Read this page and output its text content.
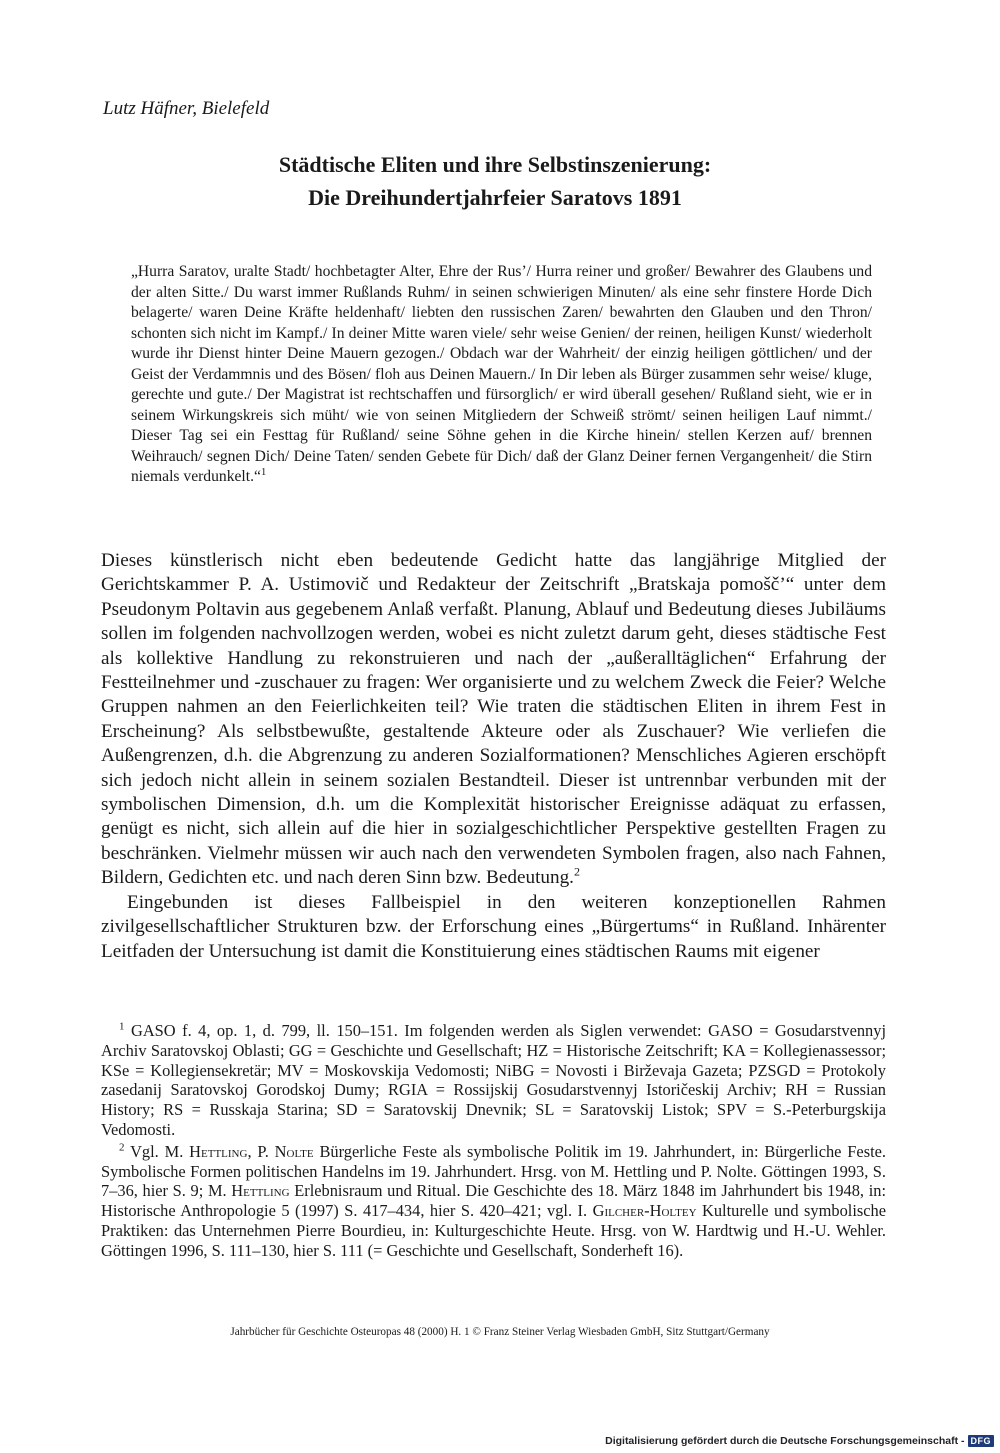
Lutz Häfner, Bielefeld
Städtische Eliten und ihre Selbstinszenierung:
Die Dreihundertjahrfeier Saratovs 1891
„Hurra Saratov, uralte Stadt/ hochbetagter Alter, Ehre der Rus’/ Hurra reiner und großer/ Bewahrer des Glaubens und der alten Sitte./ Du warst immer Rußlands Ruhm/ in seinen schwierigen Minuten/ als eine sehr finstere Horde Dich belagerte/ waren Deine Kräfte heldenhaft/ liebten den russischen Zaren/ bewahrten den Glauben und den Thron/ schonten sich nicht im Kampf./ In deiner Mitte waren viele/ sehr weise Genien/ der reinen, heiligen Kunst/ wiederholt wurde ihr Dienst hinter Deine Mauern gezogen./ Obdach war der Wahrheit/ der einzig heiligen göttlichen/ und der Geist der Verdammnis und des Bösen/ floh aus Deinen Mauern./ In Dir leben als Bürger zusammen sehr weise/ kluge, gerechte und gute./ Der Magistrat ist rechtschaffen und fürsorglich/ er wird überall gesehen/ Rußland sieht, wie er in seinem Wirkungskreis sich müht/ wie von seinen Mitgliedern der Schweiß strömt/ seinen heiligen Lauf nimmt./ Dieser Tag sei ein Festtag für Rußland/ seine Söhne gehen in die Kirche hinein/ stellen Kerzen auf/ brennen Weihrauch/ segnen Dich/ Deine Taten/ senden Gebete für Dich/ daß der Glanz Deiner fernen Vergangenheit/ die Stirn niemals verdunkelt.“$^1$

Dieses künstlerisch nicht eben bedeutende Gedicht hatte das langjährige Mitglied der Gerichtskammer P. A. Ustimovič und Redakteur der Zeitschrift „Bratskaja pomošč’“ unter dem Pseudonym Poltavin aus gegebenem Anlaß verfaßt. Planung, Ablauf und Bedeutung dieses Jubiläums sollen im folgenden nachvollzogen werden, wobei es nicht zuletzt darum geht, dieses städtische Fest als kollektive Handlung zu rekonstruieren und nach der „außeralltäglichen“ Erfahrung der Festteilnehmer und -zuschauer zu fragen: Wer organisierte und zu welchem Zweck die Feier? Welche Gruppen nahmen an den Feierlichkeiten teil? Wie traten die städtischen Eliten in ihrem Fest in Erscheinung? Als selbstbewußte, gestaltende Akteure oder als Zuschauer? Wie verliefen die Außengrenzen, d.h. die Abgrenzung zu anderen Sozialformationen? Menschliches Agieren erschöpft sich jedoch nicht allein in seinem sozialen Bestandteil. Dieser ist untrennbar verbunden mit der symbolischen Dimension, d.h. um die Komplexität historischer Ereignisse adäquat zu erfassen, genügt es nicht, sich allein auf die hier in sozialgeschichtlicher Perspektive gestellten Fragen zu beschränken. Vielmehr müssen wir auch nach den verwendeten Symbolen fragen, also nach Fahnen, Bildern, Gedichten etc. und nach deren Sinn bzw. Bedeutung.$^2$

Eingebunden ist dieses Fallbeispiel in den weiteren konzeptionellen Rahmen zivilgesellschaftlicher Strukturen bzw. der Erforschung eines „Bürgertums“ in Rußland. Inhärenter Leitfaden der Untersuchung ist damit die Konstituierung eines städtischen Raums mit eigener

$^1$ GASO f. 4, op. 1, d. 799, ll. 150–151. Im folgenden werden als Siglen verwendet: GASO = Gosudarstvennyj Archiv Saratovskoj Oblasti; GG = Geschichte und Gesellschaft; HZ = Historische Zeitschrift; KA = Kollegienassessor; KSe = Kollegiensekretär; MV = Moskovskija Vedomosti; NiBG = Novosti i Birževaja Gazeta; PZSGD = Protokoly zasedanij Saratovskoj Gorodskoj Dumy; RGIA = Rossijskij Gosudarstvennyj Istoričeskij Archiv; RH = Russian History; RS = Russkaja Starina; SD = Saratovskij Dnevnik; SL = Saratovskij Listok; SPV = S.-Peterburgskija Vedomosti.

$^2$ Vgl. M. Hettling, P. Nolte Bürgerliche Feste als symbolische Politik im 19. Jahrhundert, in: Bürgerliche Feste. Symbolische Formen politischen Handelns im 19. Jahrhundert. Hrsg. von M. Hettling und P. Nolte. Göttingen 1993, S. 7–36, hier S. 9; M. Hettling Erlebnisraum und Ritual. Die Geschichte des 18. März 1848 im Jahrhundert bis 1948, in: Historische Anthropologie 5 (1997) S. 417–434, hier S. 420–421; vgl. I. Gilcher-Holtey Kulturelle und symbolische Praktiken: das Unternehmen Pierre Bourdieu, in: Kulturgeschichte Heute. Hrsg. von W. Hardtwig und H.-U. Wehler. Göttingen 1996, S. 111–130, hier S. 111 (= Geschichte und Gesellschaft, Sonderheft 16).

Jahrbücher für Geschichte Osteuropas 48 (2000) H. 1 © Franz Steiner Verlag Wiesbaden GmbH, Sitz Stuttgart/Germany
Digitalisierung gefördert durch die Deutsche Forschungsgemeinschaft - DFG
